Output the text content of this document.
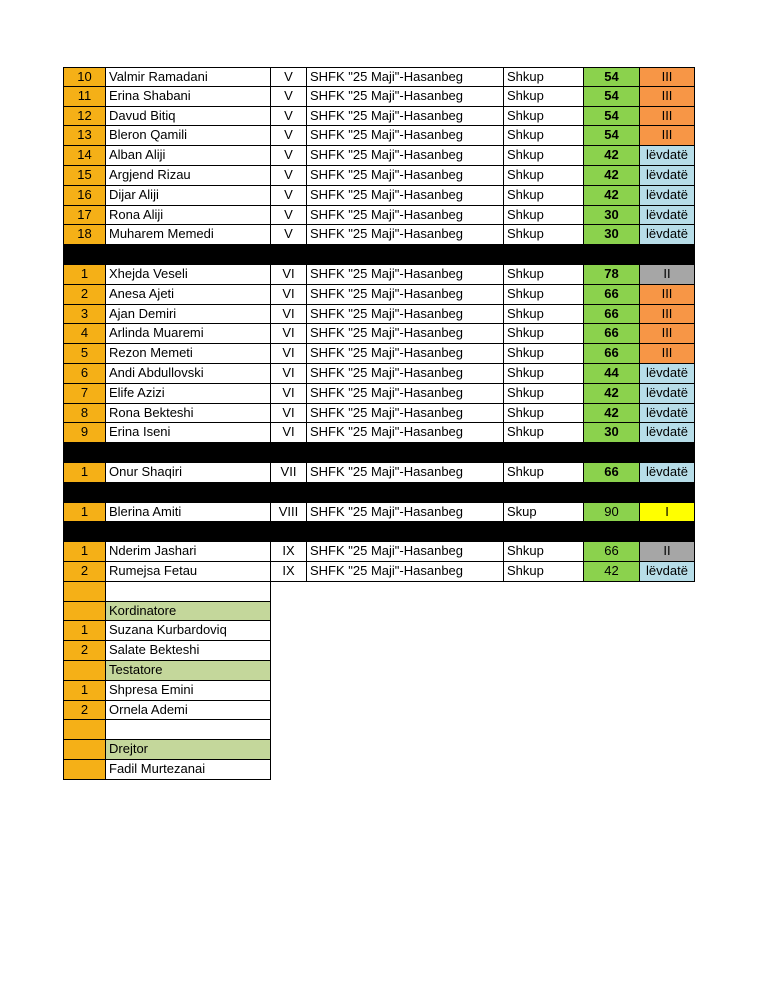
10	Valmir Ramadani	V	SHFK "25 Maji"-Hasanbeg	Shkup	54	III
11	Erina Shabani	V	SHFK "25 Maji"-Hasanbeg	Shkup	54	III
12	Davud Bitiq	V	SHFK "25 Maji"-Hasanbeg	Shkup	54	III
13	Bleron Qamili	V	SHFK "25 Maji"-Hasanbeg	Shkup	54	III
14	Alban Aliji	V	SHFK "25 Maji"-Hasanbeg	Shkup	42	lëvdatë
15	Argjend Rizau	V	SHFK "25 Maji"-Hasanbeg	Shkup	42	lëvdatë
16	Dijar Aliji	V	SHFK "25 Maji"-Hasanbeg	Shkup	42	lëvdatë
17	Rona Aliji	V	SHFK "25 Maji"-Hasanbeg	Shkup	30	lëvdatë
18	Muharem Memedi	V	SHFK "25 Maji"-Hasanbeg	Shkup	30	lëvdatë
1	Xhejda Veseli	VI	SHFK "25 Maji"-Hasanbeg	Shkup	78	II
2	Anesa Ajeti	VI	SHFK "25 Maji"-Hasanbeg	Shkup	66	III
3	Ajan Demiri	VI	SHFK "25 Maji"-Hasanbeg	Shkup	66	III
4	Arlinda Muaremi	VI	SHFK "25 Maji"-Hasanbeg	Shkup	66	III
5	Rezon Memeti	VI	SHFK "25 Maji"-Hasanbeg	Shkup	66	III
6	Andi Abdullovski	VI	SHFK "25 Maji"-Hasanbeg	Shkup	44	lëvdatë
7	Elife Azizi	VI	SHFK "25 Maji"-Hasanbeg	Shkup	42	lëvdatë
8	Rona Bekteshi	VI	SHFK "25 Maji"-Hasanbeg	Shkup	42	lëvdatë
9	Erina Iseni	VI	SHFK "25 Maji"-Hasanbeg	Shkup	30	lëvdatë
1	Onur Shaqiri	VII	SHFK "25 Maji"-Hasanbeg	Shkup	66	lëvdatë
1	Blerina Amiti	VIII SHFK "25 Maji"-Hasanbeg	Skup	90	I
1	Nderim Jashari	IX	SHFK "25 Maji"-Hasanbeg	Shkup	66	II
2	Rumejsa Fetau	IX	SHFK "25 Maji"-Hasanbeg	Shkup	42	lëvdatë
Kordinatore
1	Suzana Kurbardoviq
2	Salate Bekteshi
Testatore
1	Shpresa Emini
2	Ornela Ademi
Drejtor
Fadil Murtezanai
